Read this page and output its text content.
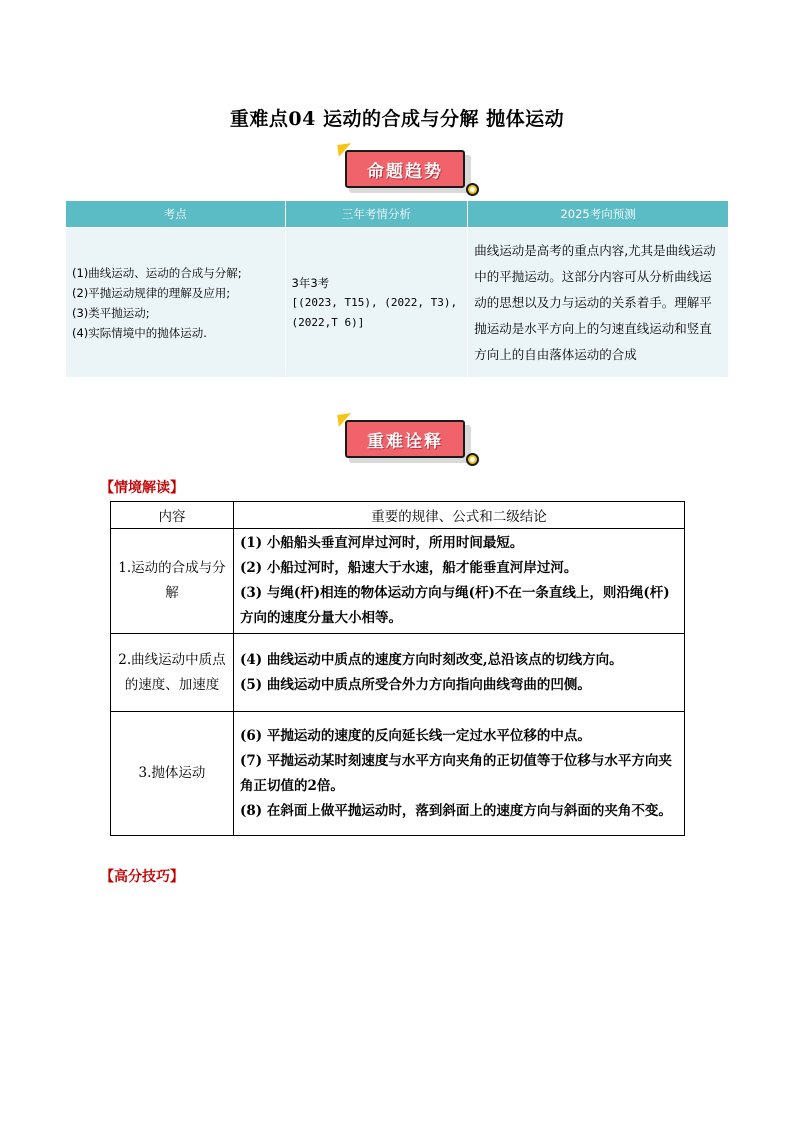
重难点04 运动的合成与分解 抛体运动
命题趋势
考点	三年考情分析	2025考向预测

(1)曲线运动、运动的合成与分解;
(2)平抛运动规律的理解及应用;
(3)类平抛运动;
(4)实际情境中的抛体运动.	3年3考
[(2023, T15), (2022, T3),
(2022,T 6)]	曲线运动是高考的重点内容,尤其是曲线运动中的平抛运动。这部分内容可从分析曲线运动的思想以及力与运动的关系着手。理解平抛运动是水平方向上的匀速直线运动和竖直方向上的自由落体运动的合成
重难诠释
【情境解读】
内容	重要的规律、公式和二级结论
1.运动的合成与分解	(1) 小船船头垂直河岸过河时，所用时间最短。
(2) 小船过河时，船速大于水速，船才能垂直河岸过河。
(3) 与绳(杆)相连的物体运动方向与绳(杆)不在一条直线上，则沿绳(杆)方向的速度分量大小相等。

2.曲线运动中质点的速度、加速度	(4) 曲线运动中质点的速度方向时刻改变,总沿该点的切线方向。
(5) 曲线运动中质点所受合外力方向指向曲线弯曲的凹侧。

3.抛体运动	(6) 平抛运动的速度的反向延长线一定过水平位移的中点。
(7) 平抛运动某时刻速度与水平方向夹角的正切值等于位移与水平方向夹角正切值的2倍。
(8) 在斜面上做平抛运动时，落到斜面上的速度方向与斜面的夹角不变。
【高分技巧】
